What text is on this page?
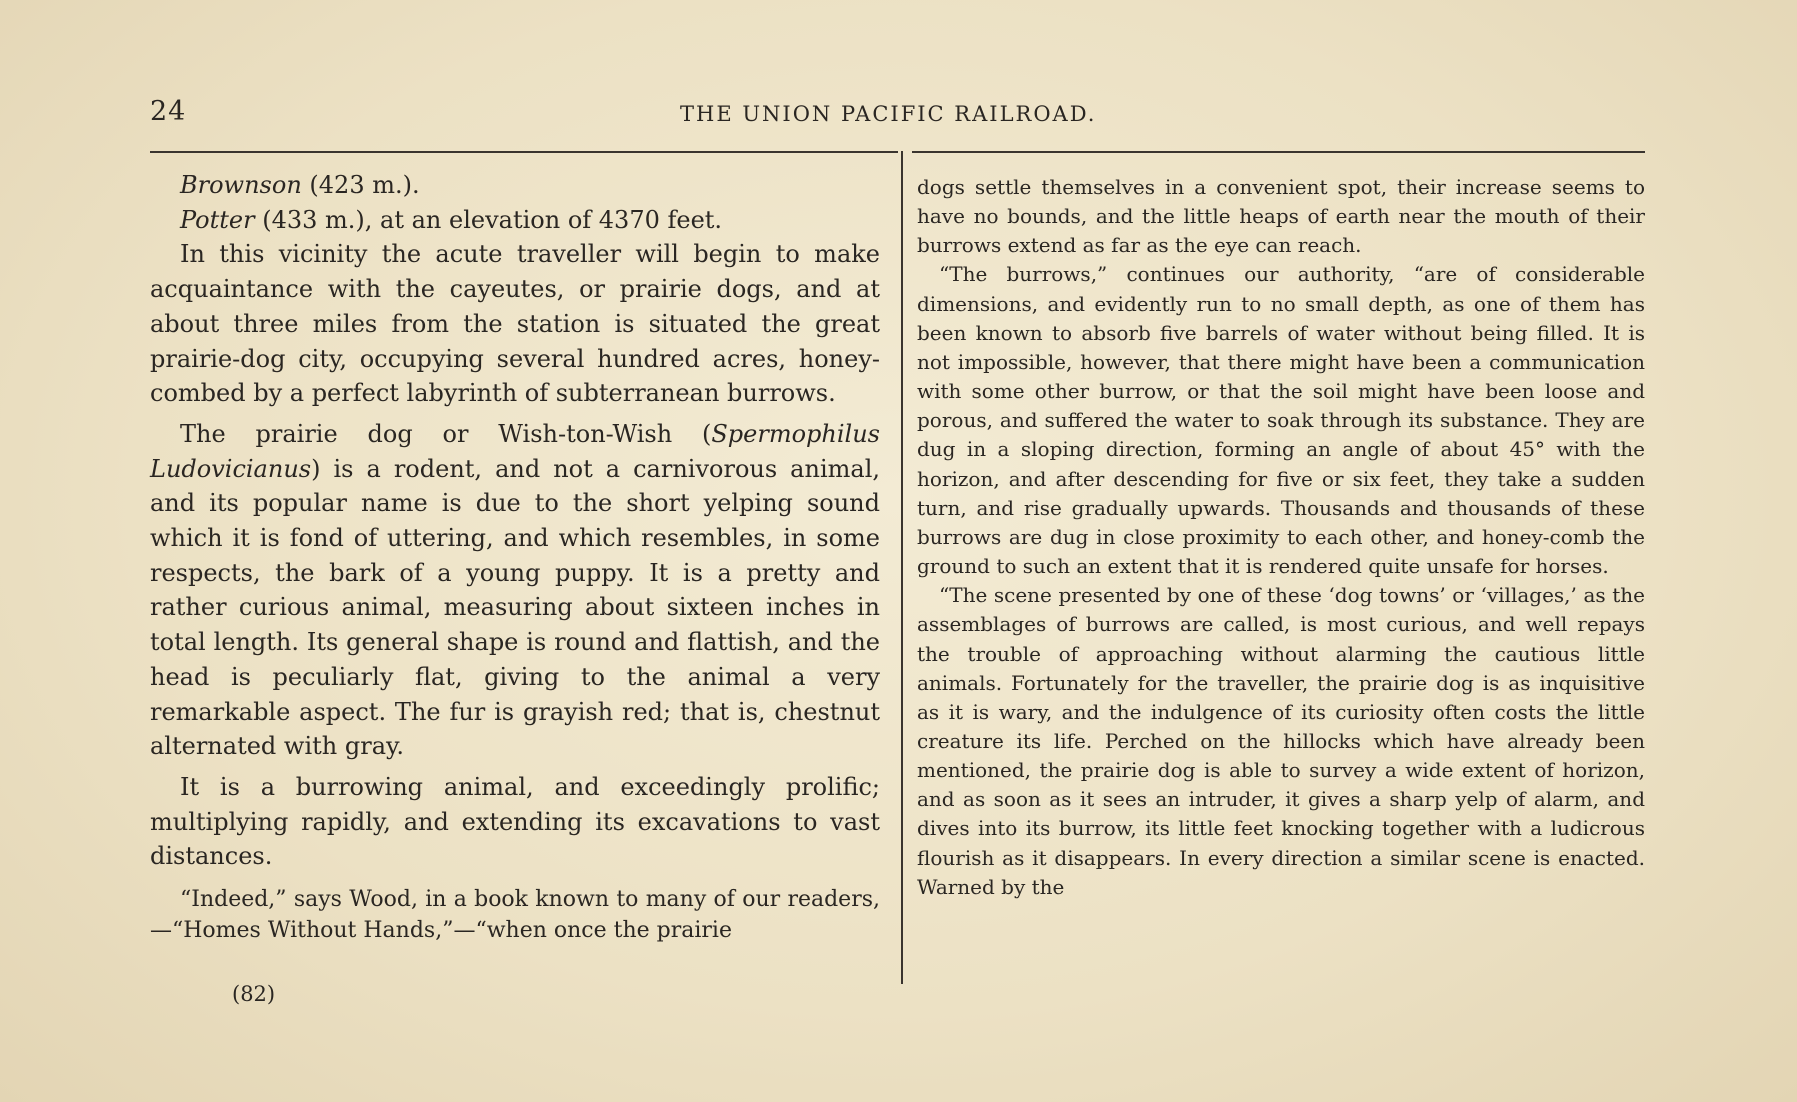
24	THE UNION PACIFIC RAILROAD.

Brownson (423 m.).

Potter (433 m.), at an elevation of 4370 feet.

In this vicinity the acute traveller will begin to make acquaintance with the cayeutes, or prairie dogs, and at about three miles from the station is situated the great prairie-dog city, occupying several hundred acres, honey-combed by a perfect labyrinth of subterranean burrows.

The prairie dog or Wish-ton-Wish (Spermophilus Ludovicianus) is a rodent, and not a carnivorous animal, and its popular name is due to the short yelping sound which it is fond of uttering, and which resembles, in some respects, the bark of a young puppy. It is a pretty and rather curious animal, measuring about sixteen inches in total length. Its general shape is round and flattish, and the head is peculiarly flat, giving to the animal a very remarkable aspect. The fur is grayish red; that is, chestnut alternated with gray.

It is a burrowing animal, and exceedingly prolific; multiplying rapidly, and extending its excavations to vast distances.

“Indeed,” says Wood, in a book known to many of our readers,—“Homes Without Hands,”—“when once the prairie

(82)

dogs settle themselves in a convenient spot, their increase seems to have no bounds, and the little heaps of earth near the mouth of their burrows extend as far as the eye can reach.

“The burrows,” continues our authority, “are of considerable dimensions, and evidently run to no small depth, as one of them has been known to absorb five barrels of water without being filled. It is not impossible, however, that there might have been a communication with some other burrow, or that the soil might have been loose and porous, and suffered the water to soak through its substance. They are dug in a sloping direction, forming an angle of about 45° with the horizon, and after descending for five or six feet, they take a sudden turn, and rise gradually upwards. Thousands and thousands of these burrows are dug in close proximity to each other, and honey-comb the ground to such an extent that it is rendered quite unsafe for horses.

“The scene presented by one of these ‘dog towns’ or ‘villages,’ as the assemblages of burrows are called, is most curious, and well repays the trouble of approaching without alarming the cautious little animals. Fortunately for the traveller, the prairie dog is as inquisitive as it is wary, and the indulgence of its curiosity often costs the little creature its life. Perched on the hillocks which have already been mentioned, the prairie dog is able to survey a wide extent of horizon, and as soon as it sees an intruder, it gives a sharp yelp of alarm, and dives into its burrow, its little feet knocking together with a ludicrous flourish as it disappears. In every direction a similar scene is enacted. Warned by the
